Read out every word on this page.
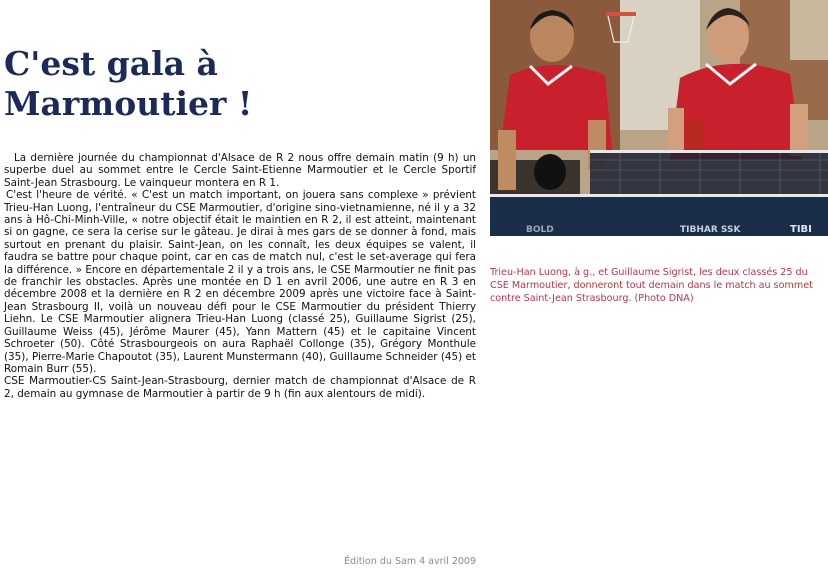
C'est gala à
Marmoutier !

La dernière journée du championnat d'Alsace de R 2 nous offre demain matin (9 h) un superbe duel au sommet entre le Cercle Saint-Etienne Marmoutier et le Cercle Sportif Saint-Jean Strasbourg. Le vainqueur montera en R 1.

C'est l'heure de vérité. « C'est un match important, on jouera sans complexe » prévient Trieu-Han Luong, l'entraîneur du CSE Marmoutier, d'origine sino-vietnamienne, né il y a 32 ans à Hô-Chi-Minh-Ville, « notre objectif était le maintien en R 2, il est atteint, maintenant si on gagne, ce sera la cerise sur le gâteau. Je dirai à mes gars de se donner à fond, mais surtout en prenant du plaisir. Saint-Jean, on les connaît, les deux équipes se valent, il faudra se battre pour chaque point, car en cas de match nul, c'est le set-average qui fera la différence. » Encore en départementale 2 il y a trois ans, le CSE Marmoutier ne finit pas de franchir les obstacles. Après une montée en D 1 en avril 2006, une autre en R 3 en décembre 2008 et la dernière en R 2 en décembre 2009 après une victoire face à Saint-Jean Strasbourg II, voilà un nouveau défi pour le CSE Marmoutier du président Thierry Liehn. Le CSE Marmoutier alignera Trieu-Han Luong (classé 25), Guillaume Sigrist (25), Guillaume Weiss (45), Jérôme Maurer (45), Yann Mattern (45) et le capitaine Vincent Schroeter (50). Côté Strasbourgeois on aura Raphaël Collonge (35), Grégory Monthule (35), Pierre-Marie Chapoutot (35), Laurent Munstermann (40), Guillaume Schneider (45) et Romain Burr (55).

CSE Marmoutier-CS Saint-Jean-Strasbourg, dernier match de championnat d'Alsace de R 2, demain au gymnase de Marmoutier à partir de 9 h (fin aux alentours de midi).

Édition du Sam 4 avril 2009
BOLD	TIBHAR SSK	TIBI
Trieu-Han Luong, à g., et Guillaume Sigrist, les deux classés 25 du CSE Marmoutier, donneront tout demain dans le match au sommet contre Saint-Jean Strasbourg. (Photo DNA)
